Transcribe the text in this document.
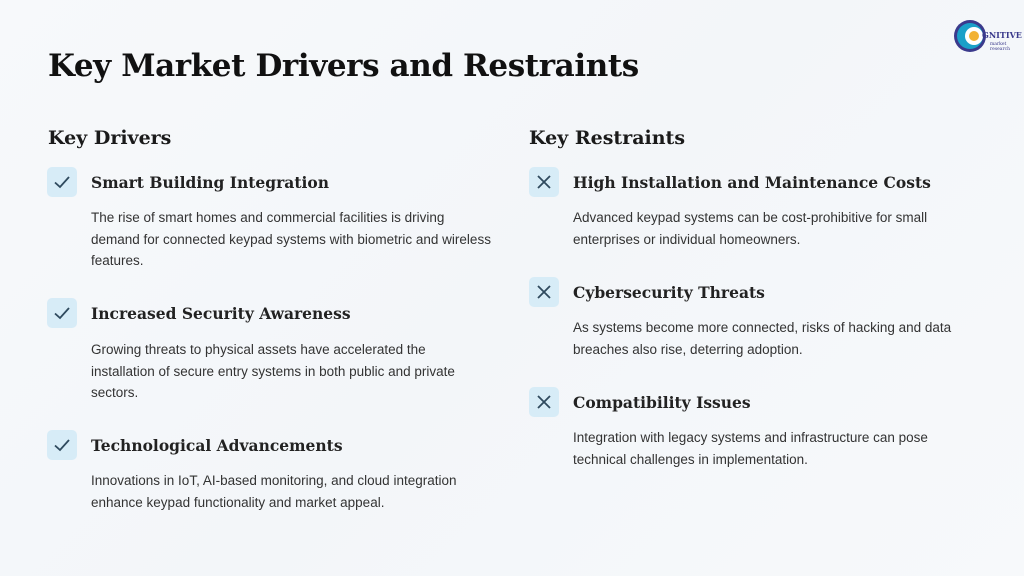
Key Market Drivers and Restraints
GNITIVE
market
research
Key Drivers
Smart Building Integration
The rise of smart homes and commercial facilities is driving demand for connected keypad systems with biometric and wireless features.
Increased Security Awareness
Growing threats to physical assets have accelerated the installation of secure entry systems in both public and private sectors.
Technological Advancements
Innovations in IoT, AI-based monitoring, and cloud integration enhance keypad functionality and market appeal.
Key Restraints
High Installation and Maintenance Costs
Advanced keypad systems can be cost-prohibitive for small enterprises or individual homeowners.
Cybersecurity Threats
As systems become more connected, risks of hacking and data breaches also rise, deterring adoption.
Compatibility Issues
Integration with legacy systems and infrastructure can pose technical challenges in implementation.
